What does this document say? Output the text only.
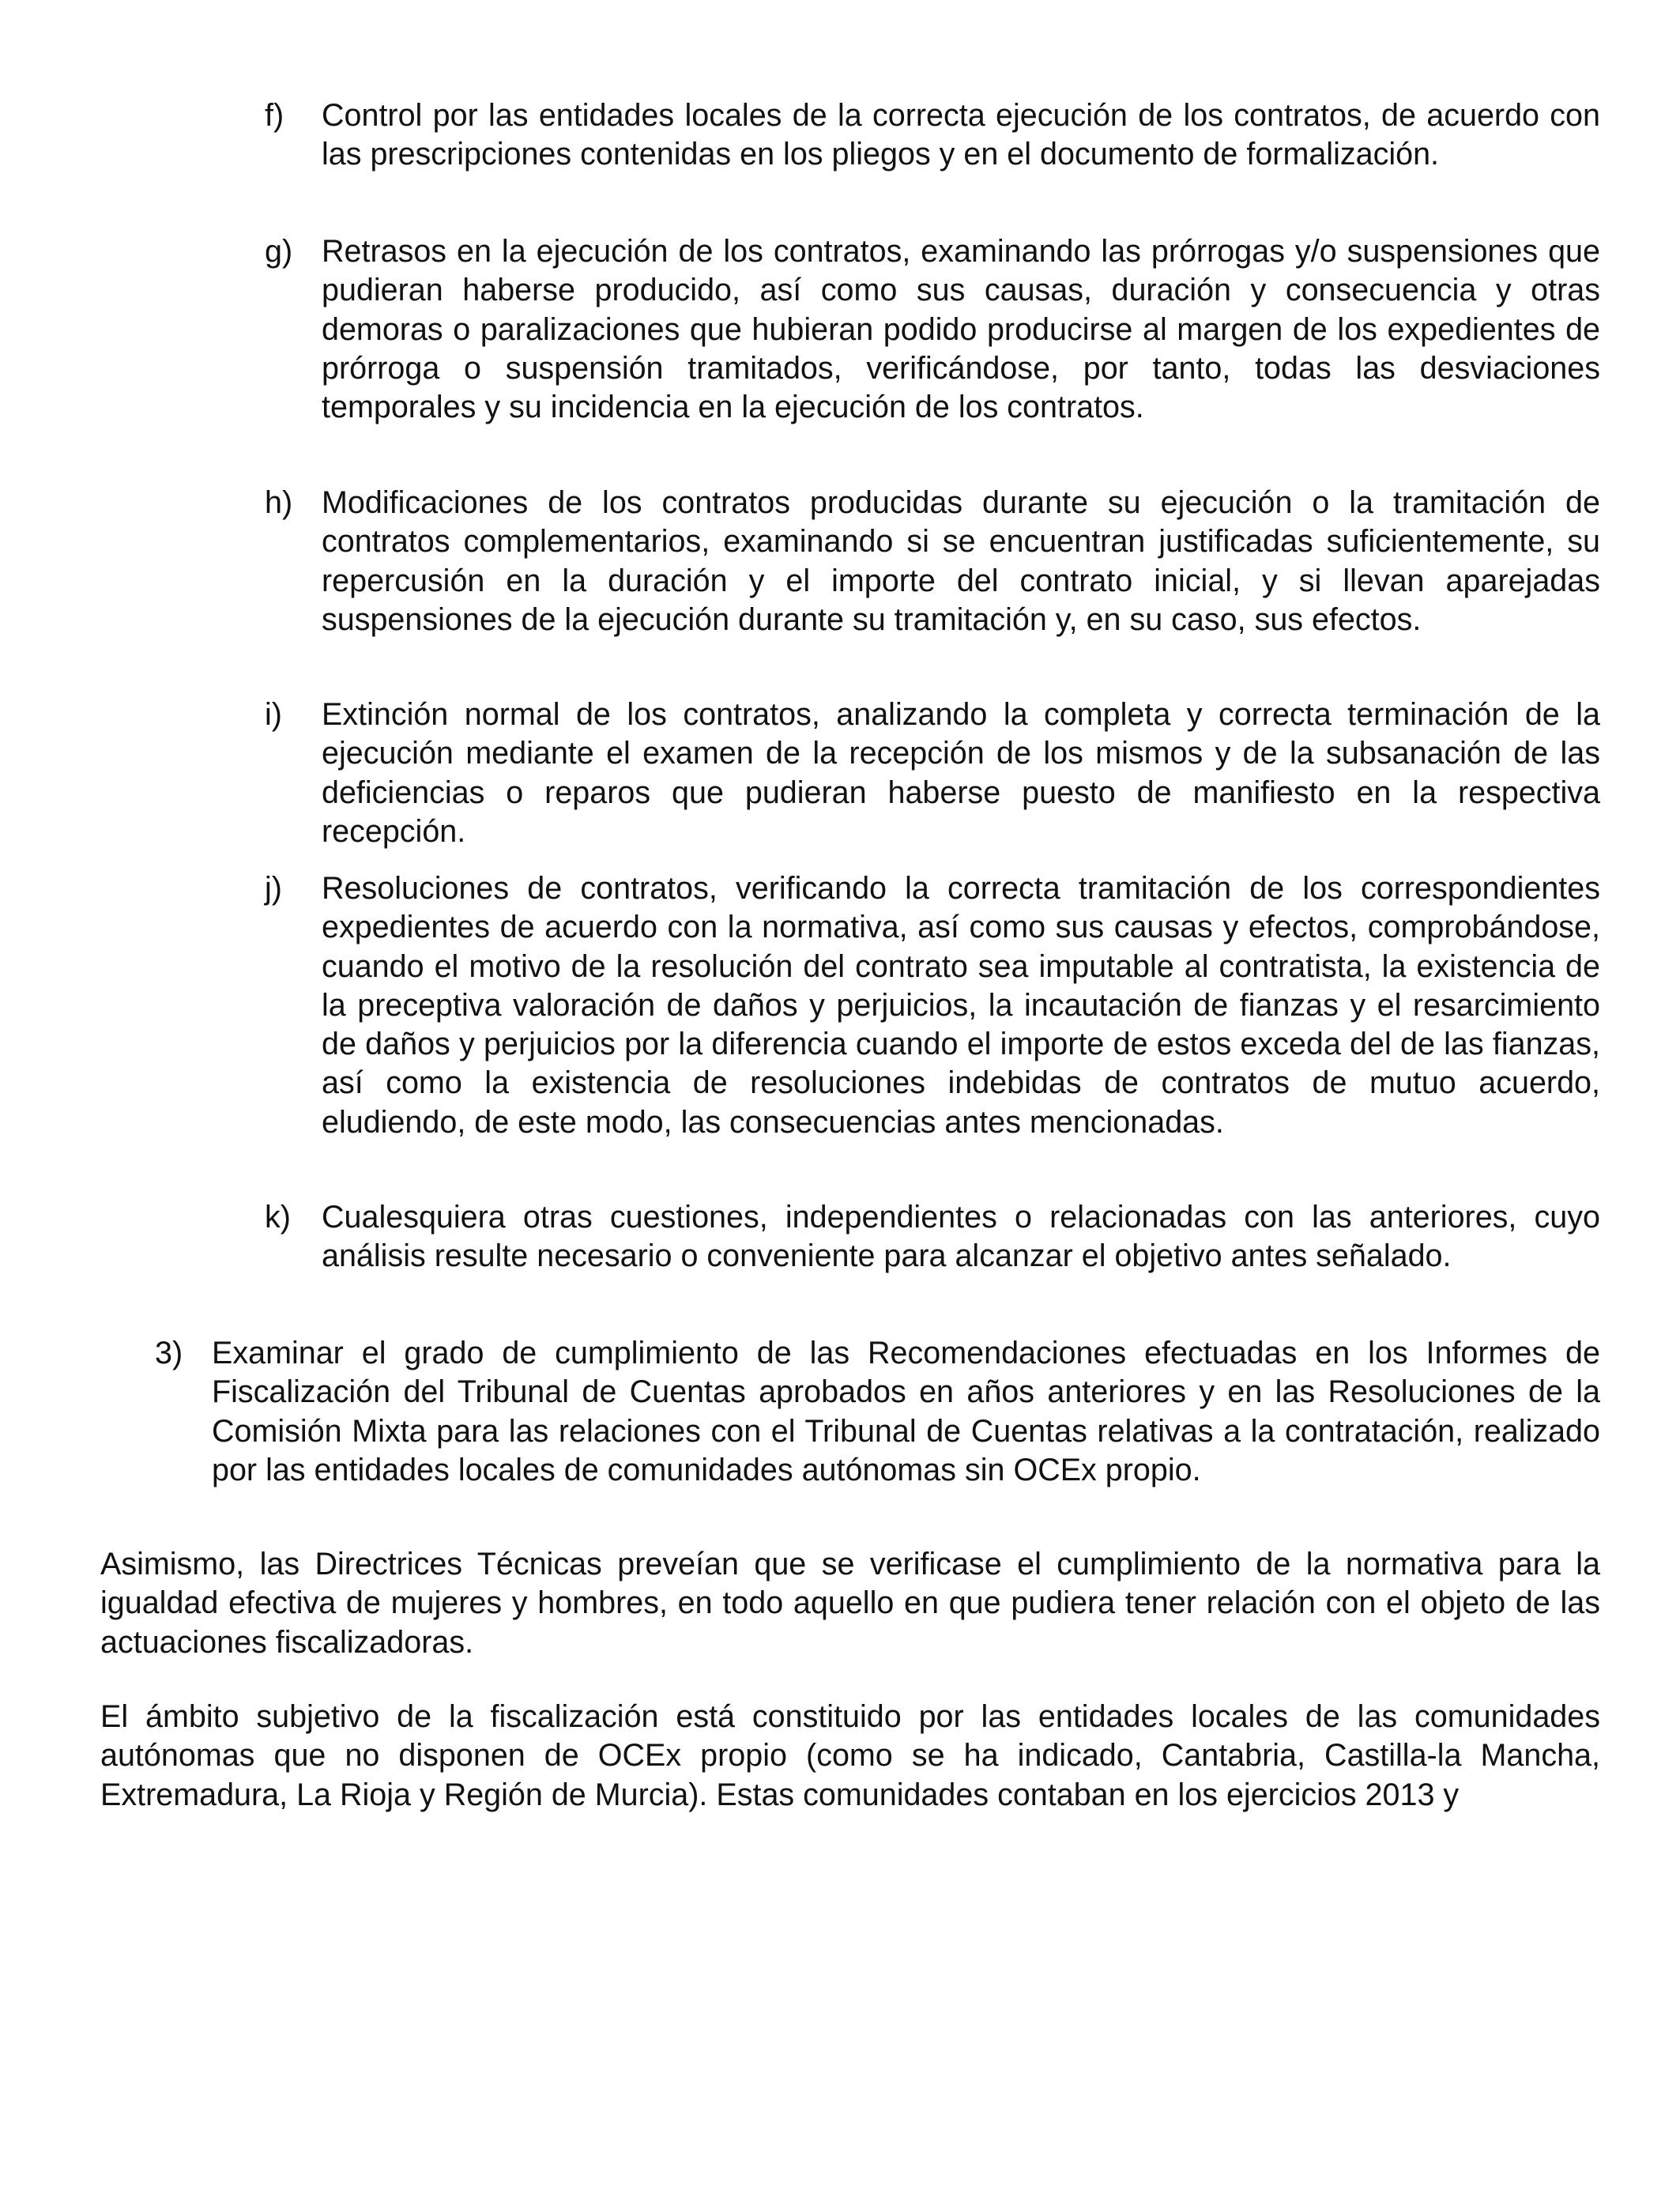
f) Control por las entidades locales de la correcta ejecución de los contratos, de acuerdo con las prescripciones contenidas en los pliegos y en el documento de formalización.

g) Retrasos en la ejecución de los contratos, examinando las prórrogas y/o suspensiones que pudieran haberse producido, así como sus causas, duración y consecuencia y otras demoras o paralizaciones que hubieran podido producirse al margen de los expedientes de prórroga o suspensión tramitados, verificándose, por tanto, todas las desviaciones temporales y su incidencia en la ejecución de los contratos.

h) Modificaciones de los contratos producidas durante su ejecución o la tramitación de contratos complementarios, examinando si se encuentran justificadas suficientemente, su repercusión en la duración y el importe del contrato inicial, y si llevan aparejadas suspensiones de la ejecución durante su tramitación y, en su caso, sus efectos.

i) Extinción normal de los contratos, analizando la completa y correcta terminación de la ejecución mediante el examen de la recepción de los mismos y de la subsanación de las deficiencias o reparos que pudieran haberse puesto de manifiesto en la respectiva recepción.

j) Resoluciones de contratos, verificando la correcta tramitación de los correspondientes expedientes de acuerdo con la normativa, así como sus causas y efectos, comprobándose, cuando el motivo de la resolución del contrato sea imputable al contratista, la existencia de la preceptiva valoración de daños y perjuicios, la incautación de fianzas y el resarcimiento de daños y perjuicios por la diferencia cuando el importe de estos exceda del de las fianzas, así como la existencia de resoluciones indebidas de contratos de mutuo acuerdo, eludiendo, de este modo, las consecuencias antes mencionadas.

k) Cualesquiera otras cuestiones, independientes o relacionadas con las anteriores, cuyo análisis resulte necesario o conveniente para alcanzar el objetivo antes señalado.

3) Examinar el grado de cumplimiento de las Recomendaciones efectuadas en los Informes de Fiscalización del Tribunal de Cuentas aprobados en años anteriores y en las Resoluciones de la Comisión Mixta para las relaciones con el Tribunal de Cuentas relativas a la contratación, realizado por las entidades locales de comunidades autónomas sin OCEx propio.

Asimismo, las Directrices Técnicas preveían que se verificase el cumplimiento de la normativa para la igualdad efectiva de mujeres y hombres, en todo aquello en que pudiera tener relación con el objeto de las actuaciones fiscalizadoras.

El ámbito subjetivo de la fiscalización está constituido por las entidades locales de las comunidades autónomas que no disponen de OCEx propio (como se ha indicado, Cantabria, Castilla-la Mancha, Extremadura, La Rioja y Región de Murcia). Estas comunidades contaban en los ejercicios 2013 y
